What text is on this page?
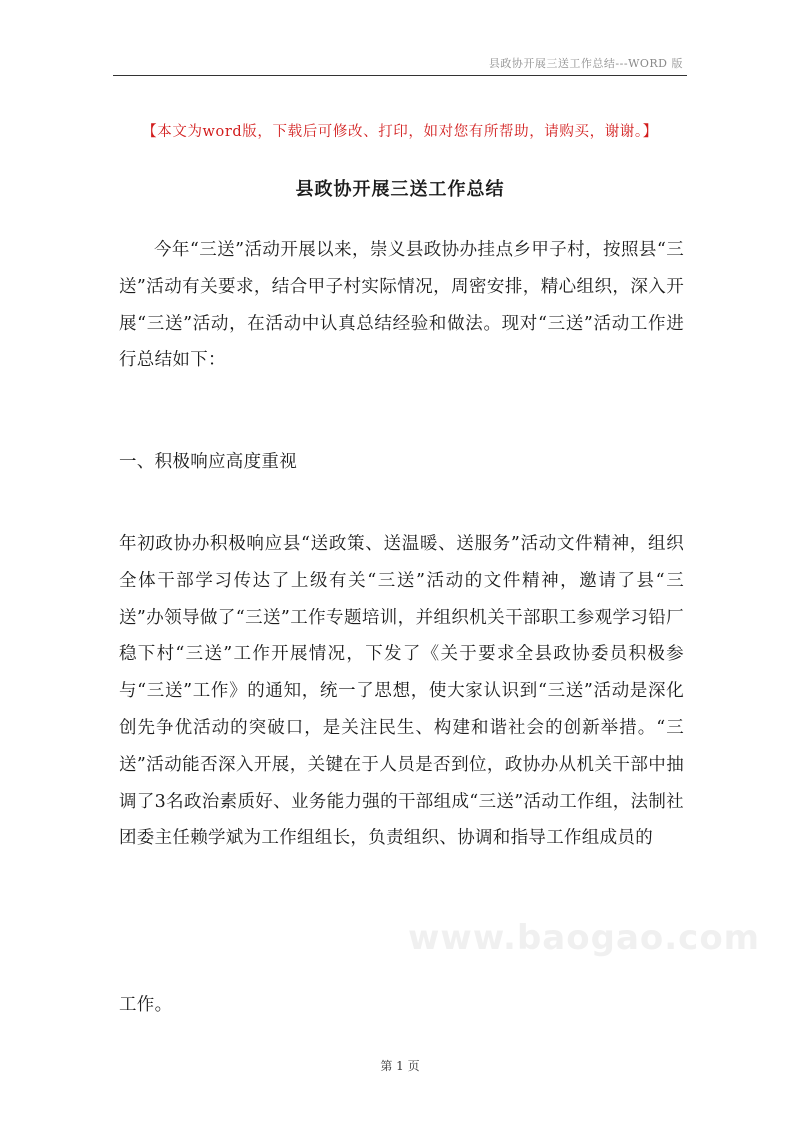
县政协开展三送工作总结---WORD 版
【本文为word版，下载后可修改、打印，如对您有所帮助，请购买，谢谢。】
县政协开展三送工作总结
今年“三送”活动开展以来，崇义县政协办挂点乡甲子村，按照县“三送”活动有关要求，结合甲子村实际情况，周密安排，精心组织，深入开展“三送”活动，在活动中认真总结经验和做法。现对“三送”活动工作进行总结如下：
一、积极响应高度重视
年初政协办积极响应县“送政策、送温暖、送服务”活动文件精神，组织全体干部学习传达了上级有关“三送”活动的文件精神，邀请了县“三送”办领导做了“三送”工作专题培训，并组织机关干部职工参观学习铅厂稳下村“三送”工作开展情况，下发了《关于要求全县政协委员积极参与“三送”工作》的通知，统一了思想，使大家认识到“三送”活动是深化创先争优活动的突破口，是关注民生、构建和谐社会的创新举措。“三送”活动能否深入开展，关键在于人员是否到位，政协办从机关干部中抽调了3名政治素质好、业务能力强的干部组成“三送”活动工作组，法制社团委主任赖学斌为工作组组长，负责组织、协调和指导工作组成员的
工作。
www.baogao.com
第 1 页
